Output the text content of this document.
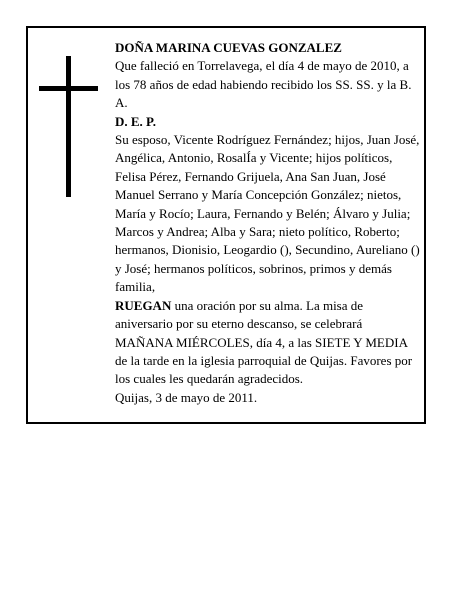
DOÑA MARINA CUEVAS GONZALEZ

Que falleció en Torrelavega, el día 4 de mayo de 2010, a los 78 años de edad habiendo recibido los SS. SS. y la B. A.

D. E. P.

Su esposo, Vicente Rodríguez Fernández; hijos, Juan José, Angélica, Antonio, RosalÍa y Vicente; hijos políticos, Felisa Pérez, Fernando Grijuela, Ana San Juan, José Manuel Serrano y María Concepción González; nietos, María y Rocío; Laura, Fernando y Belén; Álvaro y Julia; Marcos y Andrea; Alba y Sara; nieto político, Roberto; hermanos, Dionisio, Leogardio (), Secundino, Aureliano () y José; hermanos políticos, sobrinos, primos y demás familia,

RUEGAN una oración por su alma. La misa de aniversario por su eterno descanso, se celebrará MAÑANA MIÉRCOLES, día 4, a las SIETE Y MEDIA de la tarde en la iglesia parroquial de Quijas. Favores por los cuales les quedarán agradecidos.

Quijas, 3 de mayo de 2011.
